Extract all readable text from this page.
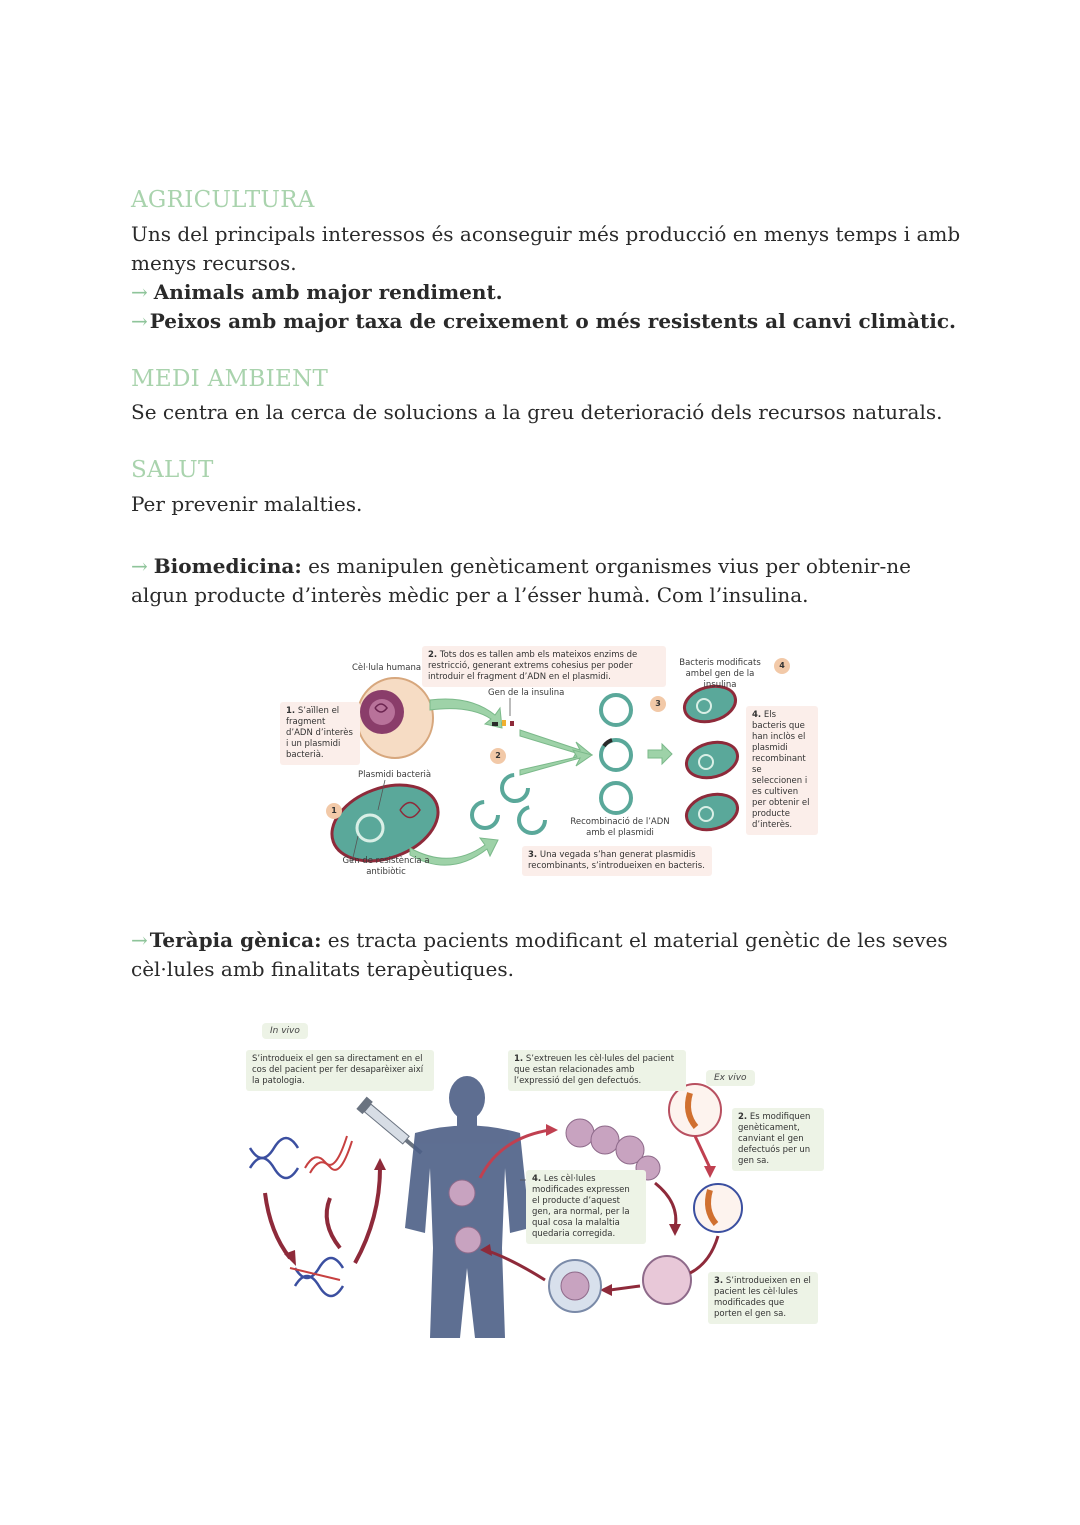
AGRICULTURA
Uns del principals interessos és aconseguir més producció en menys temps i amb menys recursos.
→ Animals amb major rendiment.
→ Peixos amb major taxa de creixement o més resistents al canvi climàtic.
MEDI AMBIENT
Se centra en la cerca de solucions a la greu deterioració dels recursos naturals.
SALUT
Per prevenir malalties.
→ Biomedicina: es manipulen genèticament organismes vius per obtenir-ne algun producte d’interès mèdic per a l’ésser humà. Com l’insulina.
Cèl·lula humana
2. Tots dos es tallen amb els mateixos enzims de restricció, generant extrems cohesius per poder introduir el fragment d’ADN en el plasmidi.
1. S’aïllen el fragment d’ADN d’interès i un plasmidi bacterià.
Gen de la insulina
Plasmidi bacterià
Gen de resistència a antibiòtic
Recombinació de l’ADN amb el plasmidi
3. Una vegada s’han generat plasmidis recombinants, s’introdueixen en bacteris.
Bacteris modificats ambel gen de la insulina
4. Els bacteris que han inclòs el plasmidi recombinant se seleccionen i es cultiven per obtenir el producte d’interès.
1
2
3
4
→ Teràpia gènica: es tracta pacients modificant el material genètic de les seves cèl·lules amb finalitats terapèutiques.
In vivo
S’introdueix el gen sa directament en el cos del pacient per fer desaparèixer així la patologia.
1. S’extreuen les cèl·lules del pacient que estan relacionades amb l’expressió del gen defectuós.	Ex vivo
2. Es modifiquen genèticament, canviant el gen defectuós per un gen sa.
4. Les cèl·lules modificades expressen el producte d’aquest gen, ara normal, per la qual cosa la malaltia quedaria corregida.
3. S’introdueixen en el pacient les cèl·lules modificades que porten el gen sa.
